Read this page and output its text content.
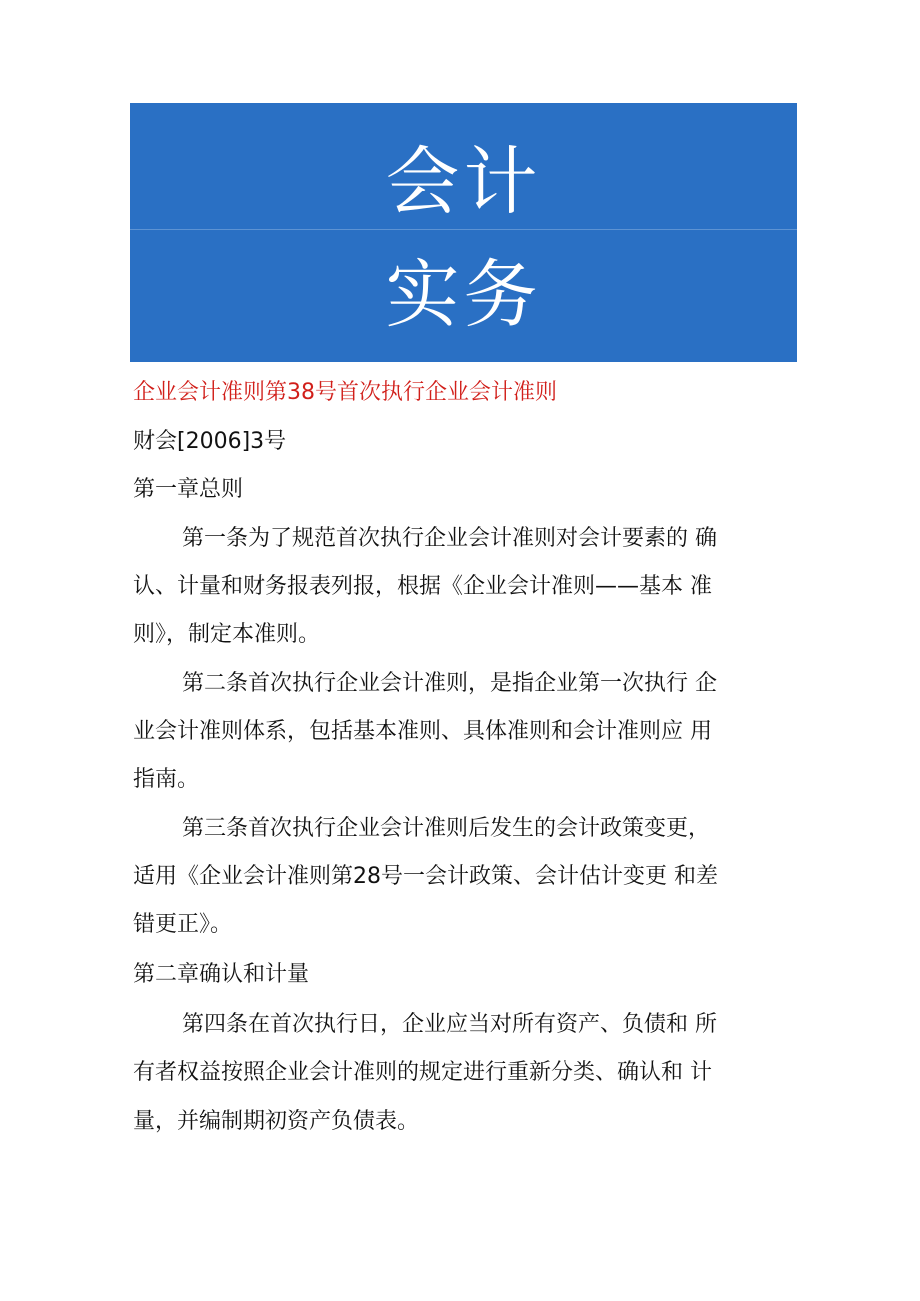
会计
实务
企业会计准则第38号首次执行企业会计准则
财会[2006]3号
第一章总则
第一条为了规范首次执行企业会计准则对会计要素的 确
认、计量和财务报表列报，根据《企业会计准则——基本 准
则》，制定本准则。
第二条首次执行企业会计准则，是指企业第一次执行 企
业会计准则体系，包括基本准则、具体准则和会计准则应 用
指南。
第三条首次执行企业会计准则后发生的会计政策变更，
适用《企业会计准则第28号一会计政策、会计估计变更 和差
错更正》。
第二章确认和计量
第四条在首次执行日，企业应当对所有资产、负债和 所
有者权益按照企业会计准则的规定进行重新分类、确认和 计
量，并编制期初资产负债表。
